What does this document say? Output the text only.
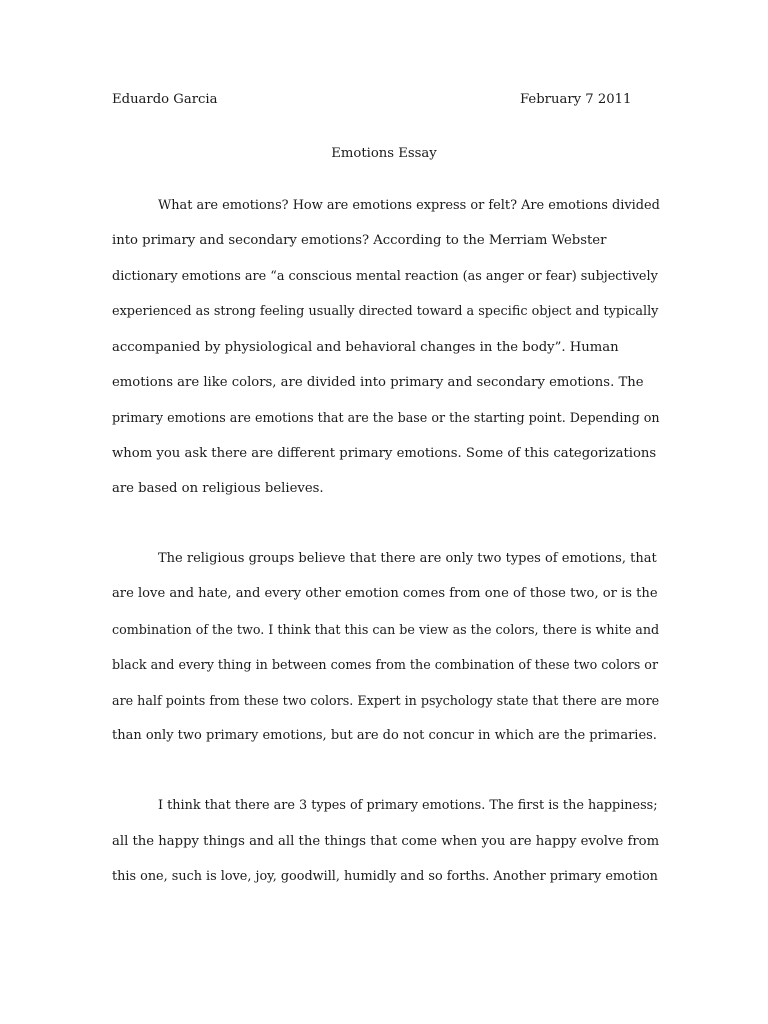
Eduardo Garcia	February 7 2011
Emotions Essay
What are emotions? How are emotions express or felt? Are emotions divided
into primary and secondary emotions? According to the Merriam Webster
dictionary emotions are “a conscious mental reaction (as anger or fear) subjectively
experienced as strong feeling usually directed toward a specific object and typically
accompanied by physiological and behavioral changes in the body”. Human
emotions are like colors, are divided into primary and secondary emotions. The
primary emotions are emotions that are the base or the starting point. Depending on
whom you ask there are different primary emotions. Some of this categorizations
are based on religious believes.
The religious groups believe that there are only two types of emotions, that
are love and hate, and every other emotion comes from one of those two, or is the
combination of the two. I think that this can be view as the colors, there is white and
black and every thing in between comes from the combination of these two colors or
are half points from these two colors. Expert in psychology state that there are more
than only two primary emotions, but are do not concur in which are the primaries.
I think that there are 3 types of primary emotions. The first is the happiness;
all the happy things and all the things that come when you are happy evolve from
this one, such is love, joy, goodwill, humidly and so forths. Another primary emotion
